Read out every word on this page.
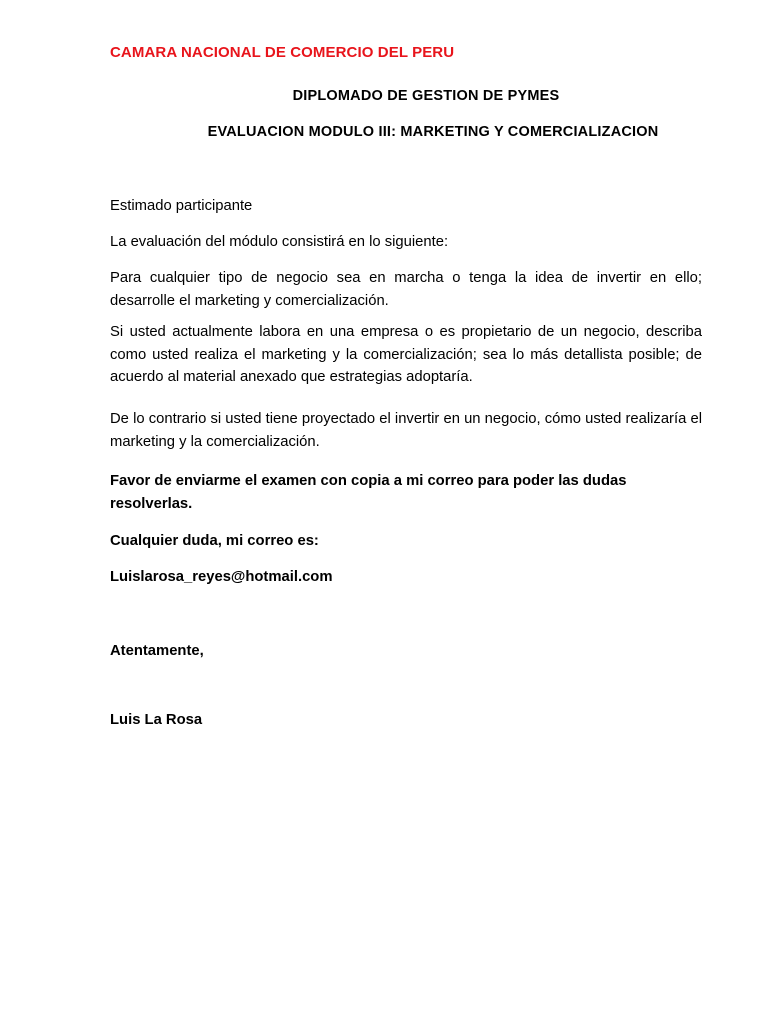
CAMARA NACIONAL DE COMERCIO DEL PERU
DIPLOMADO DE GESTION DE PYMES
EVALUACION MODULO III: MARKETING Y COMERCIALIZACION
Estimado participante
La evaluación del módulo consistirá en lo siguiente:
Para cualquier tipo de negocio sea en marcha o tenga la idea de invertir en ello; desarrolle el marketing y comercialización.
Si usted actualmente labora en una empresa o es propietario de un negocio, describa como usted realiza el marketing y la comercialización; sea lo más detallista posible; de acuerdo al material anexado que estrategias adoptaría.
De lo contrario si usted tiene proyectado el invertir en un negocio, cómo usted realizaría el marketing y la comercialización.
Favor de enviarme el examen con copia a mi correo para poder las dudas resolverlas.
Cualquier duda, mi correo es:
Luislarosa_reyes@hotmail.com
Atentamente,
Luis La Rosa
